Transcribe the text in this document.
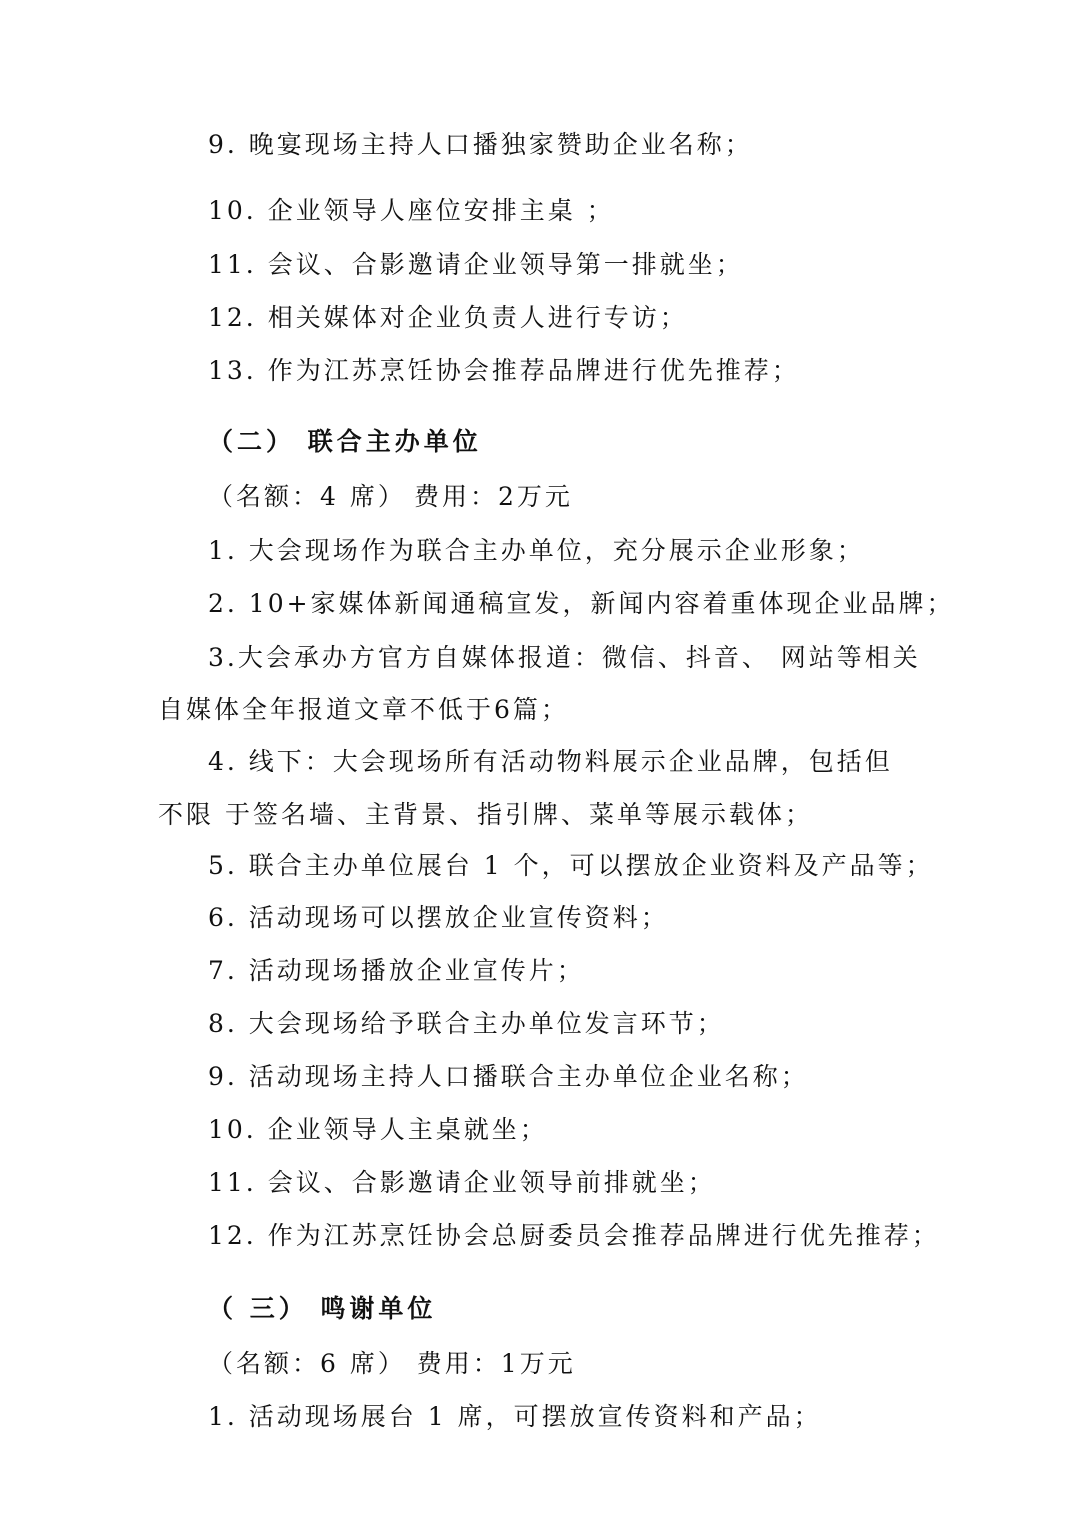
9. 晚宴现场主持人口播独家赞助企业名称；
10. 企业领导人座位安排主桌 ；
11. 会议、合影邀请企业领导第一排就坐；
12. 相关媒体对企业负责人进行专访；
13. 作为江苏烹饪协会推荐品牌进行优先推荐；
（二） 联合主办单位
（名额：4 席） 费用：2万元
1. 大会现场作为联合主办单位，充分展示企业形象；
2. 10+家媒体新闻通稿宣发，新闻内容着重体现企业品牌；
3.大会承办方官方自媒体报道：微信、抖音、 网站等相关
自媒体全年报道文章不低于6篇；
4. 线下：大会现场所有活动物料展示企业品牌，包括但
不限 于签名墙、主背景、指引牌、菜单等展示载体；
5. 联合主办单位展台 1 个，可以摆放企业资料及产品等；
6. 活动现场可以摆放企业宣传资料；
7. 活动现场播放企业宣传片；
8. 大会现场给予联合主办单位发言环节；
9. 活动现场主持人口播联合主办单位企业名称；
10. 企业领导人主桌就坐；
11. 会议、合影邀请企业领导前排就坐；
12. 作为江苏烹饪协会总厨委员会推荐品牌进行优先推荐；
（ 三） 鸣谢单位
（名额：6 席） 费用：1万元
1. 活动现场展台 1 席，可摆放宣传资料和产品；
